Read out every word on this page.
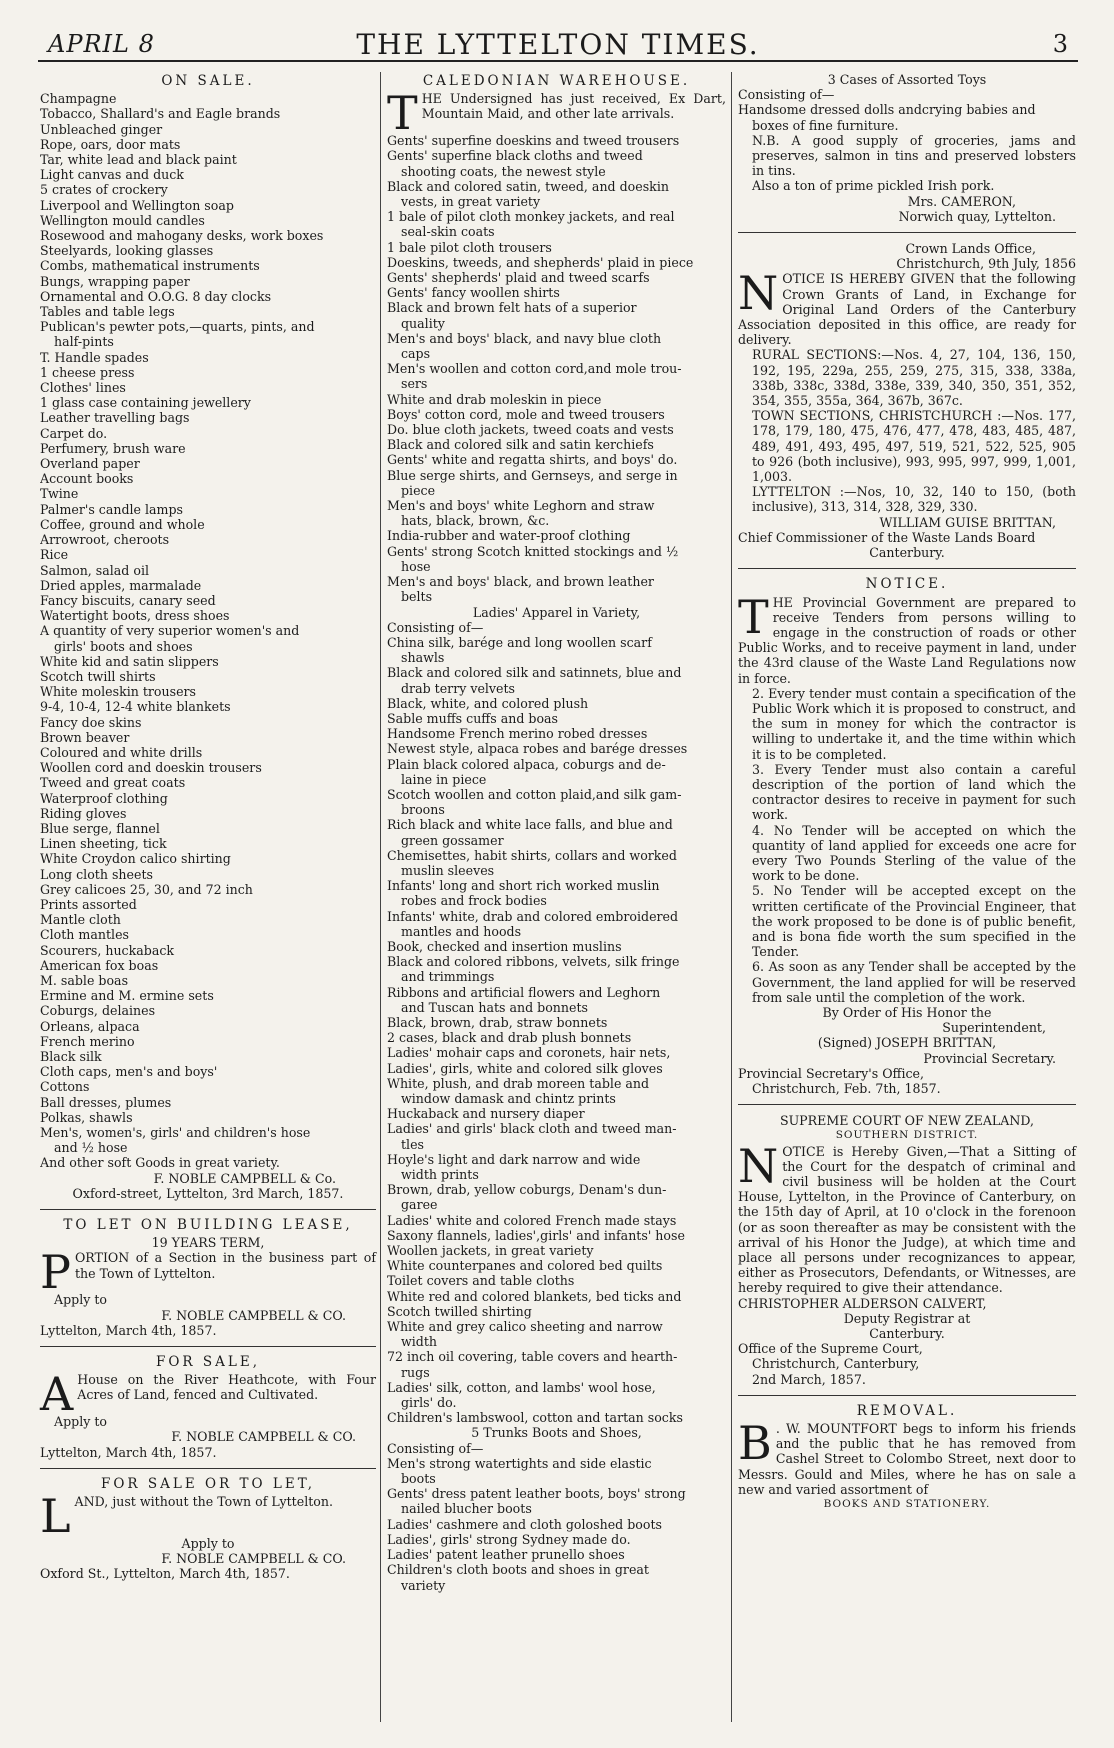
APRIL 8	THE LYTTELTON TIMES.	3
ON SALE.
Champagne
Tobacco, Shallard's and Eagle brands
Unbleached ginger
Rope, oars, door mats
Tar, white lead and black paint
Light canvas and duck
5 crates of crockery
Liverpool and Wellington soap
Wellington mould candles
Rosewood and mahogany desks, work boxes
Steelyards, looking glasses
Combs, mathematical instruments
Bungs, wrapping paper
Ornamental and O.O.G. 8 day clocks
Tables and table legs
Publican's pewter pots,—quarts, pints, and
half-pints
T. Handle spades
1 cheese press
Clothes' lines
1 glass case containing jewellery
Leather travelling bags
Carpet do.
Perfumery, brush ware
Overland paper
Account books
Twine
Palmer's candle lamps
Coffee, ground and whole
Arrowroot, cheroots
Rice
Salmon, salad oil
Dried apples, marmalade
Fancy biscuits, canary seed
Watertight boots, dress shoes
A quantity of very superior women's and
girls' boots and shoes
White kid and satin slippers
Scotch twill shirts
White moleskin trousers
9-4, 10-4, 12-4 white blankets
Fancy doe skins
Brown beaver
Coloured and white drills
Woollen cord and doeskin trousers
Tweed and great coats
Waterproof clothing
Riding gloves
Blue serge, flannel
Linen sheeting, tick
White Croydon calico shirting
Long cloth sheets
Grey calicoes 25, 30, and 72 inch
Prints assorted
Mantle cloth
Cloth mantles
Scourers, huckaback
American fox boas
M. sable boas
Ermine and M. ermine sets
Coburgs, delaines
Orleans, alpaca
French merino
Black silk
Cloth caps, men's and boys'
Cottons
Ball dresses, plumes
Polkas, shawls
Men's, women's, girls' and children's hose
and ½ hose
And other soft Goods in great variety.
F. NOBLE CAMPBELL & Co.
Oxford-street, Lyttelton, 3rd March, 1857.
TO LET ON BUILDING LEASE,
19 YEARS TERM,
PORTION of a Section in the business part of the Town of Lyttelton.
Apply to
F. NOBLE CAMPBELL & CO.
Lyttelton, March 4th, 1857.
FOR SALE,
A House on the River Heathcote, with Four Acres of Land, fenced and Cultivated.
Apply to
F. NOBLE CAMPBELL & CO.
Lyttelton, March 4th, 1857.
FOR SALE OR TO LET,
LAND, just without the Town of Lyttelton.
Apply to
F. NOBLE CAMPBELL & CO.
Oxford St., Lyttelton, March 4th, 1857.
CALEDONIAN WAREHOUSE.
THE Undersigned has just received, Ex Dart, Mountain Maid, and other late arrivals.
Gents' superfine doeskins and tweed trousers
Gents' superfine black cloths and tweed
shooting coats, the newest style
Black and colored satin, tweed, and doeskin
vests, in great variety
1 bale of pilot cloth monkey jackets, and real
seal-skin coats
1 bale pilot cloth trousers
Doeskins, tweeds, and shepherds' plaid in piece
Gents' shepherds' plaid and tweed scarfs
Gents' fancy woollen shirts
Black and brown felt hats of a superior
quality
Men's and boys' black, and navy blue cloth
caps
Men's woollen and cotton cord,and mole trou-
sers
White and drab moleskin in piece
Boys' cotton cord, mole and tweed trousers
Do. blue cloth jackets, tweed coats and vests
Black and colored silk and satin kerchiefs
Gents' white and regatta shirts, and boys' do.
Blue serge shirts, and Gernseys, and serge in
piece
Men's and boys' white Leghorn and straw
hats, black, brown, &c.
India-rubber and water-proof clothing
Gents' strong Scotch knitted stockings and ½
hose
Men's and boys' black, and brown leather
belts
Ladies' Apparel in Variety,
Consisting of—
China silk, barége and long woollen scarf
shawls
Black and colored silk and satinnets, blue and
drab terry velvets
Black, white, and colored plush
Sable muffs cuffs and boas
Handsome French merino robed dresses
Newest style, alpaca robes and barége dresses
Plain black colored alpaca, coburgs and de-
laine in piece
Scotch woollen and cotton plaid,and silk gam-
broons
Rich black and white lace falls, and blue and
green gossamer
Chemisettes, habit shirts, collars and worked
muslin sleeves
Infants' long and short rich worked muslin
robes and frock bodies
Infants' white, drab and colored embroidered
mantles and hoods
Book, checked and insertion muslins
Black and colored ribbons, velvets, silk fringe
and trimmings
Ribbons and artificial flowers and Leghorn
and Tuscan hats and bonnets
Black, brown, drab, straw bonnets
2 cases, black and drab plush bonnets
Ladies' mohair caps and coronets, hair nets,
Ladies', girls, white and colored silk gloves
White, plush, and drab moreen table and
window damask and chintz prints
Huckaback and nursery diaper
Ladies' and girls' black cloth and tweed man-
tles
Hoyle's light and dark narrow and wide
width prints
Brown, drab, yellow coburgs, Denam's dun-
garee
Ladies' white and colored French made stays
Saxony flannels, ladies',girls' and infants' hose
Woollen jackets, in great variety
White counterpanes and colored bed quilts
Toilet covers and table cloths
White red and colored blankets, bed ticks and
Scotch twilled shirting
White and grey calico sheeting and narrow
width
72 inch oil covering, table covers and hearth-
rugs
Ladies' silk, cotton, and lambs' wool hose,
girls' do.
Children's lambswool, cotton and tartan socks
5 Trunks Boots and Shoes,
Consisting of—
Men's strong watertights and side elastic
boots
Gents' dress patent leather boots, boys' strong
nailed blucher boots
Ladies' cashmere and cloth goloshed boots
Ladies', girls' strong Sydney made do.
Ladies' patent leather prunello shoes
Children's cloth boots and shoes in great
variety
3 Cases of Assorted Toys
Consisting of—
Handsome dressed dolls andcrying babies and
boxes of fine furniture.
N.B. A good supply of groceries, jams and preserves, salmon in tins and preserved lobsters in tins.
Also a ton of prime pickled Irish pork.
Mrs. CAMERON,
Norwich quay, Lyttelton.
Crown Lands Office,
Christchurch, 9th July, 1856
NOTICE IS HEREBY GIVEN that the following Crown Grants of Land, in Exchange for Original Land Orders of the Canterbury Association deposited in this office, are ready for delivery.
RURAL SECTIONS:—Nos. 4, 27, 104, 136, 150, 192, 195, 229a, 255, 259, 275, 315, 338, 338a, 338b, 338c, 338d, 338e, 339, 340, 350, 351, 352, 354, 355, 355a, 364, 367b, 367c.
TOWN SECTIONS, CHRISTCHURCH :—Nos. 177, 178, 179, 180, 475, 476, 477, 478, 483, 485, 487, 489, 491, 493, 495, 497, 519, 521, 522, 525, 905 to 926 (both inclusive), 993, 995, 997, 999, 1,001, 1,003.
LYTTELTON :—Nos, 10, 32, 140 to 150, (both inclusive), 313, 314, 328, 329, 330.
WILLIAM GUISE BRITTAN,
Chief Commissioner of the Waste Lands Board
Canterbury.
NOTICE.
THE Provincial Government are prepared to receive Tenders from persons willing to engage in the construction of roads or other Public Works, and to receive payment in land, under the 43rd clause of the Waste Land Regulations now in force.
2. Every tender must contain a specification of the Public Work which it is proposed to construct, and the sum in money for which the contractor is willing to undertake it, and the time within which it is to be completed.
3. Every Tender must also contain a careful description of the portion of land which the contractor desires to receive in payment for such work.
4. No Tender will be accepted on which the quantity of land applied for exceeds one acre for every Two Pounds Sterling of the value of the work to be done.
5. No Tender will be accepted except on the written certificate of the Provincial Engineer, that the work proposed to be done is of public benefit, and is bona fide worth the sum specified in the Tender.
6. As soon as any Tender shall be accepted by the Government, the land applied for will be reserved from sale until the completion of the work.
By Order of His Honor the
Superintendent,
(Signed) JOSEPH BRITTAN,
Provincial Secretary.
Provincial Secretary's Office,
Christchurch, Feb. 7th, 1857.
SUPREME COURT OF NEW ZEALAND,
SOUTHERN DISTRICT.
NOTICE is Hereby Given,—That a Sitting of the Court for the despatch of criminal and civil business will be holden at the Court House, Lyttelton, in the Province of Canterbury, on the 15th day of April, at 10 o'clock in the forenoon (or as soon thereafter as may be consistent with the arrival of his Honor the Judge), at which time and place all persons under recognizances to appear, either as Prosecutors, Defendants, or Witnesses, are hereby required to give their attendance.
CHRISTOPHER ALDERSON CALVERT,
Deputy Registrar at
Canterbury.
Office of the Supreme Court,
Christchurch, Canterbury,
2nd March, 1857.
REMOVAL.
B . W. MOUNTFORT begs to inform his friends and the public that he has removed from Cashel Street to Colombo Street, next door to Messrs. Gould and Miles, where he has on sale a new and varied assortment of
BOOKS AND STATIONERY.
